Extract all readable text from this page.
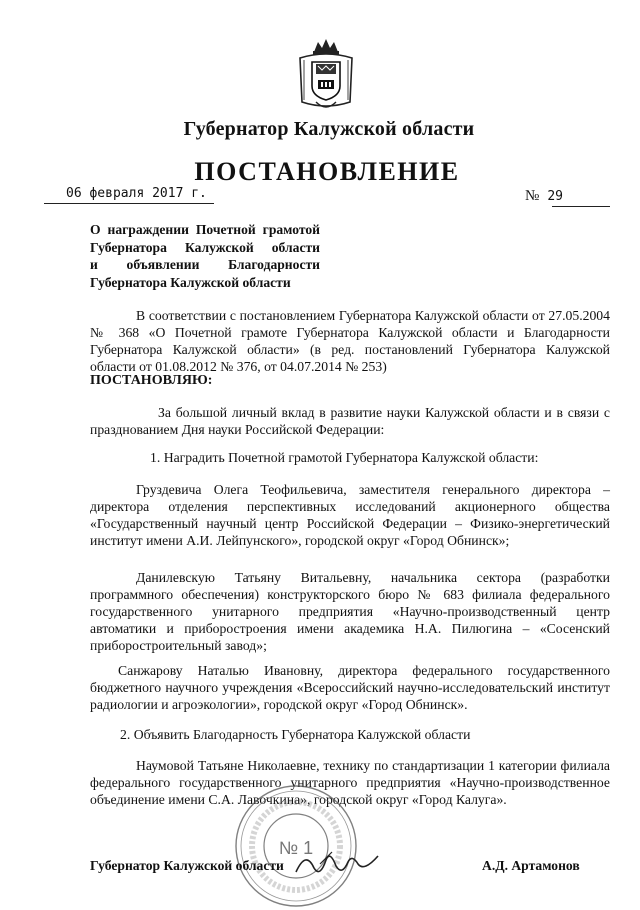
Губернатор Калужской области
ПОСТАНОВЛЕНИЕ
06 февраля 2017 г.	№ 29
О награждении Почетной грамотой
Губернатора Калужской области
и объявлении Благодарности
Губернатора Калужской области
В соответствии с постановлением Губернатора Калужской области от 27.05.2004 № 368 «О Почетной грамоте Губернатора Калужской области и Благодарности Губернатора Калужской области» (в ред. постановлений Губернатора Калужской области от 01.08.2012 № 376, от 04.07.2014 № 253)
ПОСТАНОВЛЯЮ:
За большой личный вклад в развитие науки Калужской области и в связи с празднованием Дня науки Российской Федерации:
1. Наградить Почетной грамотой Губернатора Калужской области:
Груздевича Олега Теофильевича, заместителя генерального директора – директора отделения перспективных исследований акционерного общества «Государственный научный центр Российской Федерации – Физико-энергетический институт имени А.И. Лейпунского», городской округ «Город Обнинск»;
Данилевскую Татьяну Витальевну, начальника сектора (разработки программного обеспечения) конструкторского бюро № 683 филиала федерального государственного унитарного предприятия «Научно-производственный центр автоматики и приборостроения имени академика Н.А. Пилюгина – «Сосенский приборостроительный завод»;
Санжарову Наталью Ивановну, директора федерального государственного бюджетного научного учреждения «Всероссийский научно-исследовательский институт радиологии и агроэкологии», городской округ «Город Обнинск».
2. Объявить Благодарность Губернатора Калужской области
Наумовой Татьяне Николаевне, технику по стандартизации 1 категории филиала федерального государственного унитарного предприятия «Научно-производственное объединение имени С.А. Лавочкина», городской округ «Город Калуга».
№ 1
Губернатор Калужской области	А.Д. Артамонов
